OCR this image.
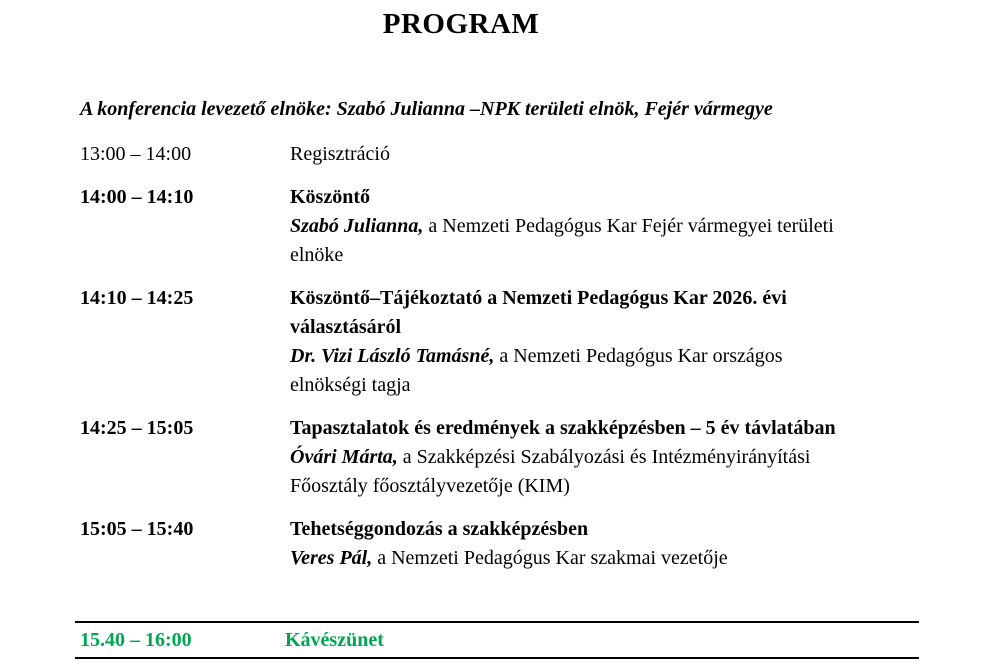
PROGRAM
A konferencia levezető elnöke: Szabó Julianna –NPK területi elnök, Fejér vármegye
13:00 – 14:00	Regisztráció
14:00 – 14:10	Köszöntő
Szabó Julianna, a Nemzeti Pedagógus Kar Fejér vármegyei területi
elnöke
14:10 – 14:25	Köszöntő–Tájékoztató a Nemzeti Pedagógus Kar 2026. évi
választásáról
Dr. Vizi László Tamásné, a Nemzeti Pedagógus Kar országos
elnökségi tagja
14:25 – 15:05	Tapasztalatok és eredmények a szakképzésben – 5 év távlatában
Óvári Márta, a Szakképzési Szabályozási és Intézményirányítási
Főosztály főosztályvezetője (KIM)
15:05 – 15:40	Tehetséggondozás a szakképzésben
Veres Pál, a Nemzeti Pedagógus Kar szakmai vezetője
15.40 – 16:00	Kávészünet
